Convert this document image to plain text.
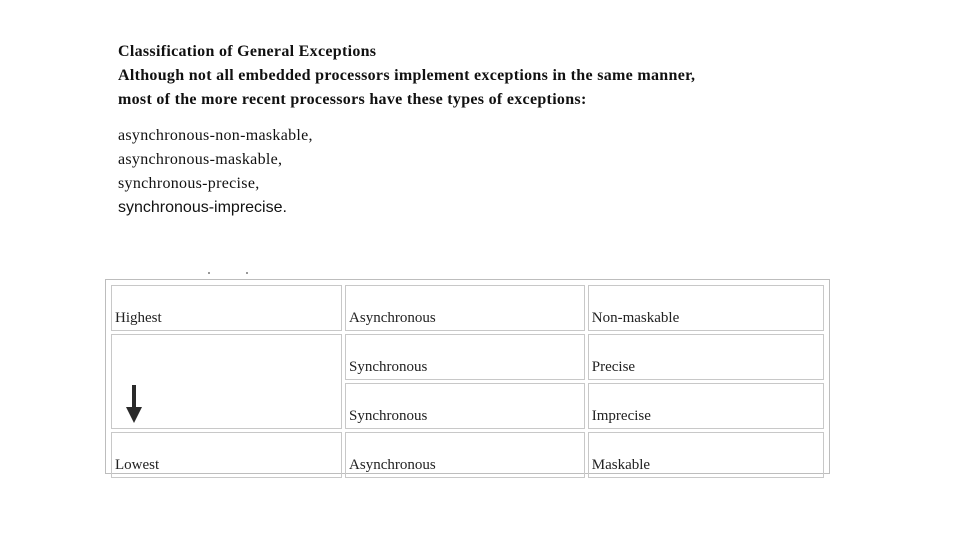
Classification of General Exceptions
Although not all embedded processors implement exceptions in the same manner,
most of the more recent processors have these types of exceptions:
asynchronous-non-maskable,
asynchronous-maskable,
synchronous-precise,
synchronous-imprecise.
Highest	Asynchronous	Non-maskable

	Synchronous	Precise
	Synchronous	Imprecise
Lowest	Asynchronous	Maskable
